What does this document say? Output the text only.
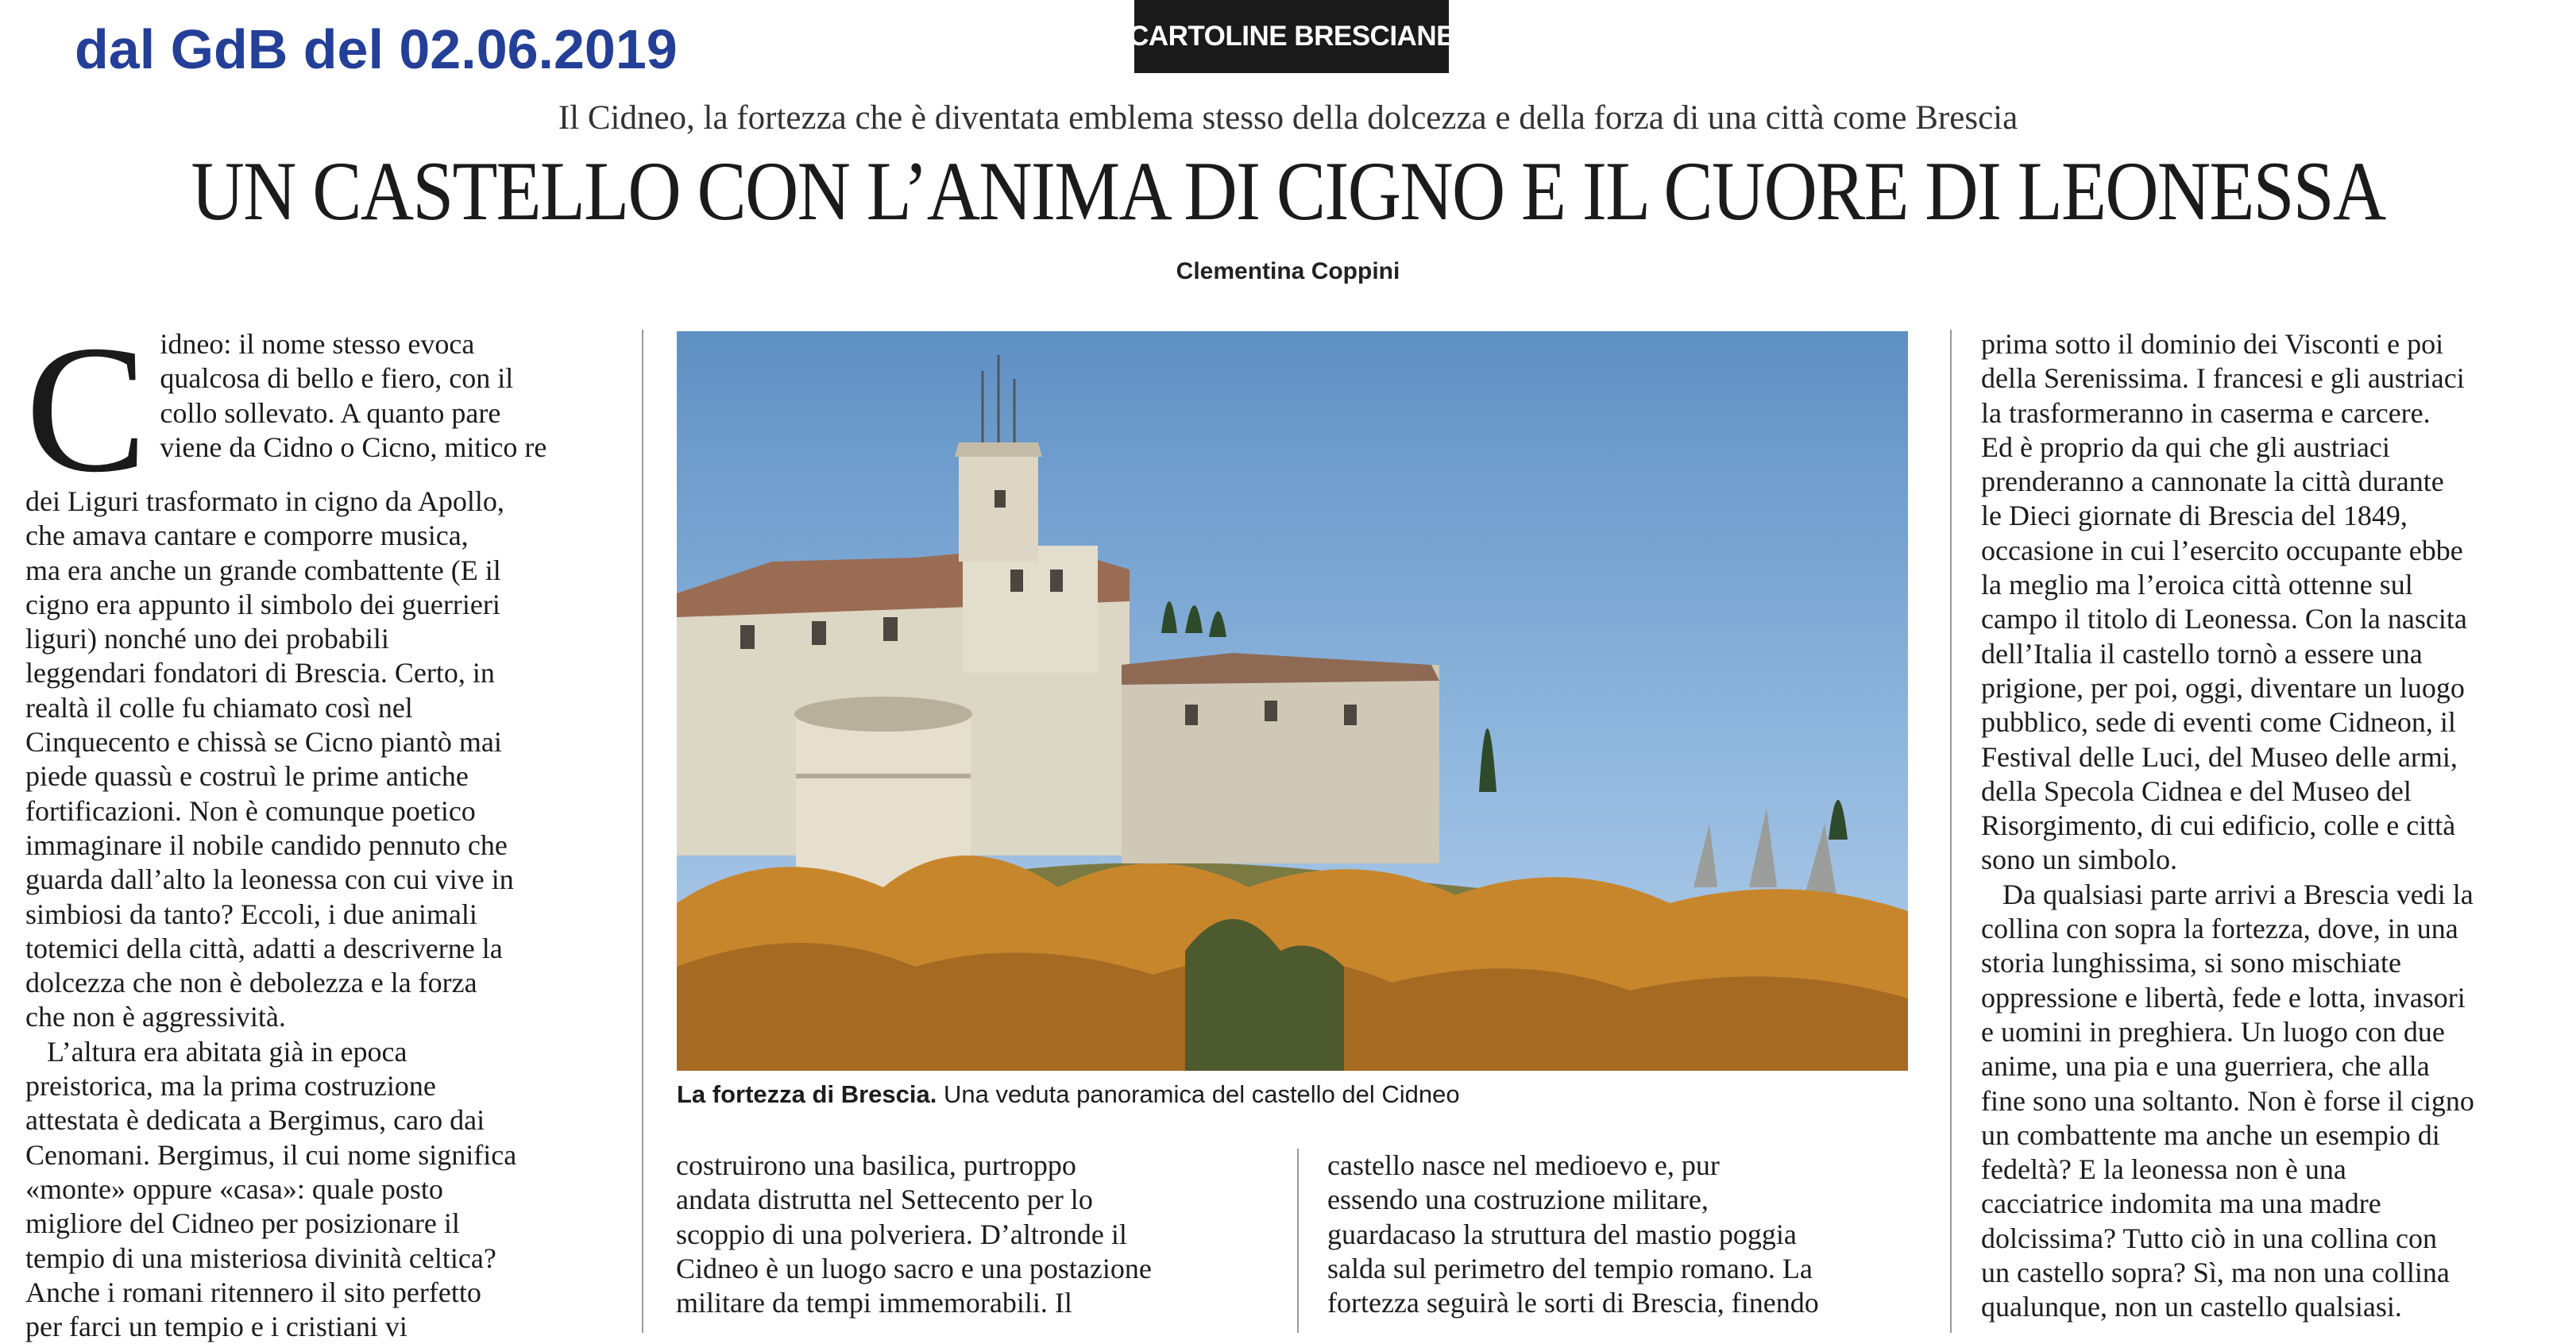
dal GdB del 02.06.2019	CARTOLINE BRESCIANE
Il Cidneo, la fortezza che è diventata emblema stesso della dolcezza e della forza di una città come Brescia
UN CASTELLO CON L’ANIMA DI CIGNO E IL CUORE DI LEONESSA
Clementina Coppini
C idneo: il nome stesso evoca
qualcosa di bello e fiero, con il
collo sollevato. A quanto pare
viene da Cidno o Cicno, mitico re
dei Liguri trasformato in cigno da Apollo,
che amava cantare e comporre musica,
ma era anche un grande combattente (E il
cigno era appunto il simbolo dei guerrieri
liguri) nonché uno dei probabili
leggendari fondatori di Brescia. Certo, in
realtà il colle fu chiamato così nel
Cinquecento e chissà se Cicno piantò mai
piede quassù e costruì le prime antiche
fortificazioni. Non è comunque poetico
immaginare il nobile candido pennuto che
guarda dall’alto la leonessa con cui vive in
simbiosi da tanto? Eccoli, i due animali
totemici della città, adatti a descriverne la
dolcezza che non è debolezza e la forza
che non è aggressività.
L’altura era abitata già in epoca
preistorica, ma la prima costruzione
attestata è dedicata a Bergimus, caro dai
Cenomani. Bergimus, il cui nome significa
«monte» oppure «casa»: quale posto
migliore del Cidneo per posizionare il
tempio di una misteriosa divinità celtica?
Anche i romani ritennero il sito perfetto
per farci un tempio e i cristiani vi
La fortezza di Brescia. Una veduta panoramica del castello del Cidneo
costruirono una basilica, purtroppo
andata distrutta nel Settecento per lo
scoppio di una polveriera. D’altronde il
Cidneo è un luogo sacro e una postazione
militare da tempi immemorabili. Il
castello nasce nel medioevo e, pur
essendo una costruzione militare,
guardacaso la struttura del mastio poggia
salda sul perimetro del tempio romano. La
fortezza seguirà le sorti di Brescia, finendo
prima sotto il dominio dei Visconti e poi
della Serenissima. I francesi e gli austriaci
la trasformeranno in caserma e carcere.
Ed è proprio da qui che gli austriaci
prenderanno a cannonate la città durante
le Dieci giornate di Brescia del 1849,
occasione in cui l’esercito occupante ebbe
la meglio ma l’eroica città ottenne sul
campo il titolo di Leonessa. Con la nascita
dell’Italia il castello tornò a essere una
prigione, per poi, oggi, diventare un luogo
pubblico, sede di eventi come Cidneon, il
Festival delle Luci, del Museo delle armi,
della Specola Cidnea e del Museo del
Risorgimento, di cui edificio, colle e città
sono un simbolo.
Da qualsiasi parte arrivi a Brescia vedi la
collina con sopra la fortezza, dove, in una
storia lunghissima, si sono mischiate
oppressione e libertà, fede e lotta, invasori
e uomini in preghiera. Un luogo con due
anime, una pia e una guerriera, che alla
fine sono una soltanto. Non è forse il cigno
un combattente ma anche un esempio di
fedeltà? E la leonessa non è una
cacciatrice indomita ma una madre
dolcissima? Tutto ciò in una collina con
un castello sopra? Sì, ma non una collina
qualunque, non un castello qualsiasi.
